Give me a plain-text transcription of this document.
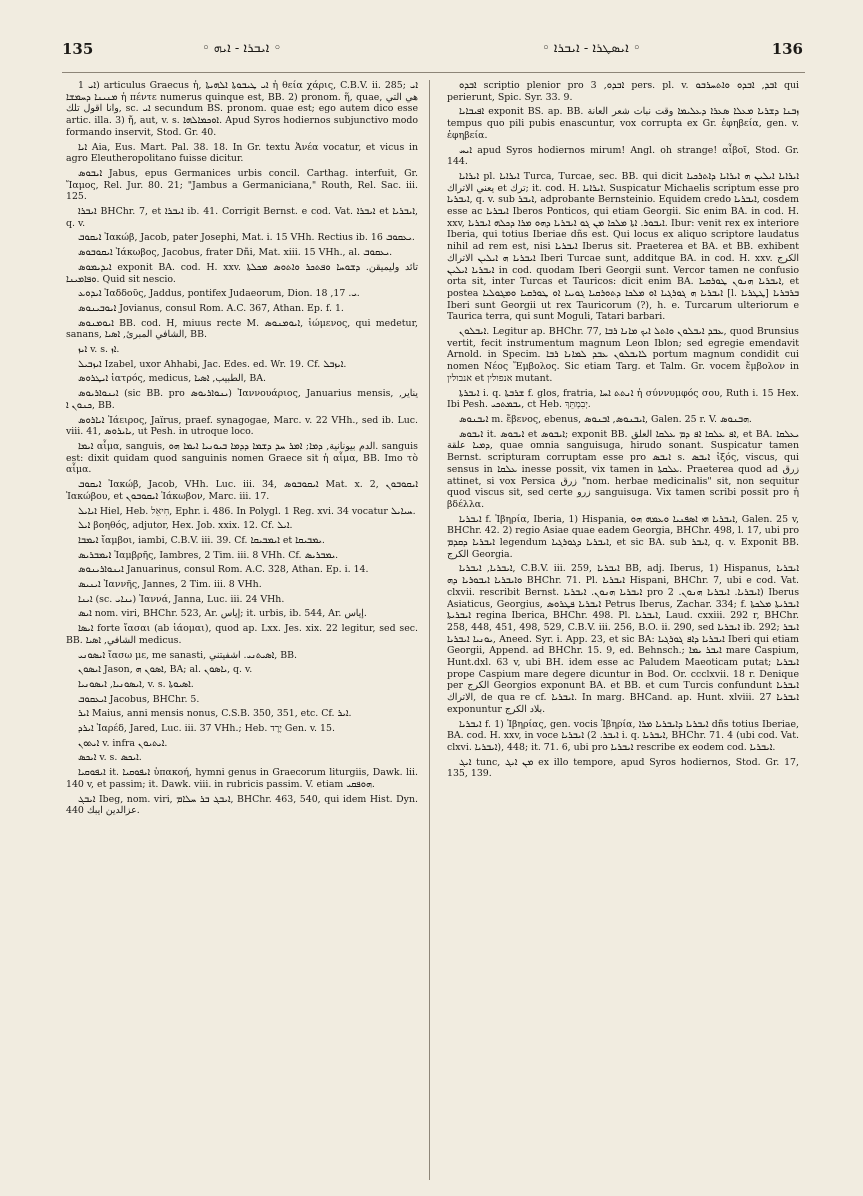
135	◦ ܐܝܒܪܐ - ܐܝܗ ◦	◦ ܐܝܣܛܪܐ - ܐܝܒܪܐ ◦	136

ܐܝ 1) articulus Graecus ἡ, ܐܝ ܛܝܒܘܬܐ ܐܠܗܝܬܐ ἡ θεία χάρις, C.B.V. ii. 285; ܐܝ ܡܢܝܢܐ ܕܚܡܫܐ ἡ πέντε numerus quinque est, BB. 2) pronom. ἥ, quae, هي التي وانا اقول تلك, sc. ܐܝ secundum BS. pronom. quae est; ego autem dico esse artic. illa. 3) ἤ, aut, v. s. ܐܘܟܡܐܠܗܐ. Apud Syros hodiernos subjunctivo modo formando inservit, Stod. Gr. 40.

ܐܝܐ Aia, Eus. Mart. Pal. 38. 18. In Gr. textu Ἀνέα vocatur, et vicus in agro Eleutheropolitano fuisse dicitur.

ܐܝܒܘܣ Jabus, epus Germanices urbis concil. Carthag. interfuit, Gr. Ἴαμος, Rel. Jur. 80. 21; "Jambus a Germaniciana," Routh, Rel. Sac. iii. 125.

ܐܝܒܪܐ BHChr. 7, et ܐܝܒܪܐ ib. 41. Corrigit Bernst. e cod. Vat. ܐܝܒܪܐ et ܐܝܒܪܝܐ, q. v.

ܐܝܩܘܒ Ἰακώβ, Jacob, pater Josephi, Mat. i. 15 VHh. Rectius ib. 16 ܝܥܩܘܒ.

ܐܝܩܘܒܘܣ Ἰάκωβος, Jacobus, frater Dñi, Mat. xiii. 15 VHh., al. ܝܥܩܘܒ.

ܐܝܕܝܡܘܣ exponit BA. cod. H. xxv. تائد وليميقن. ܕܫܘܚܐ ܘܦܬܟܪ ܘܐܬܘܣ ܡܟܠܬܐ ܘܦܐܡܝܢܐ. Quid sit nescio.

ܐܝܕܘܥ Ἰαδδοῦς, Jaddus, pontifex Judaeorum, Dion. ܝ. 17, 18.

ܐܝܘܒܝܢܘܣ Jovianus, consul Rom. A.C. 367, Athan. Ep. f. 1.

ܐܝܘܡܢܘܣ BB. cod. H, miuus recte M. ܐܝܘܡܢܘܣ, ἰώμενος, qui medetur, sanans, الشافي المبرئ, ܐܣܝܐ, BB.

ܐܝܙ v. s. ܐܙ.

ܐܝܙܒܝܠ Izabel, uxor Ahhabi, Jac. Edes. ed. Wr. 19. Cf. ܐܝܙܒܠ.

ܐܝܛܪܘܣ ἰατρός, medicus, الطبيب, ܐܣܝܐ, BA.

ܐܝܢܘܐܪܝܘܣ (sic BB. pro ܝܢܘܐܪܝܘܣ) Ἰαννουάριος, Januarius mensis, يناير, ܟܢܘܢ ܐ, BB.

ܐܝܐܪܘܣ Ἰάειρος, Jaïrus, praef. synagogae, Marc. v. 22 VHh., sed ib. Luc. viii. 41, ܝܐܝܪܘܣ, ut Pesh. in utroque loco.

ܐܝܡܐ αἷμα, sanguis, الدم بيونانية, ܕܡܐ; ܐܡܪ ܚܕ ܕܫܡܐ ܕܕܡܐ ܒܝܘܢܝܐ ܐܝܡܐ ܗܘ. sanguis est: dixit quidam quod sanguinis nomen Graece sit ἡ αἷμα, BB. Imo τὸ αἷμα.

ܐܝܩܘܒ Ἰακώβ, Jacob, VHh. Luc. iii. 34, ܐܝܩܘܒܘܣ Mat. x. 2, ܐܝܩܘܒܘܢ Ἰακώβου, et ܐܝܩܘܒܘܢ Ἰάκωβον, Marc. iii. 17.

ܐܝܐܝܠ Hiel, Heb. חִיאֵל, Ephr. i. 486. In Polygl. 1 Reg. xvi. 34 vocatur ܚܝܐܝܠ.

ܐܝܠ βοηθός, adjutor, Hex. Job. xxix. 12. Cf. ܐܝܠ.

ܐܝܡܒܐ ἴαμβοι, iambi, C.B.V. iii. 39. Cf. ܐܝܡܒܝܩܐ et ܝܡܒܝܩܐ.

ܐܝܡܒܪܝܣ Ἰαμβρῆς, Iambres, 2 Tim. iii. 8 VHh. Cf. ܝܡܒܪܝܣ.

ܐܝܢܘܐܪܝܢܘܣ Januarinus, consul Rom. A.C. 328, Athan. Ep. i. 14.

ܐܝܢܝܣ Ἰαννῆς, Jannes, 2 Tim. iii. 8 VHh.

ܐܝܢܐ (sc. ܝܢܐܝ) Ἰαννά, Janna, Luc. iii. 24 VHh.

ܐܝܣ nom. viri, BHChr. 523, Ar. إياس; it. urbis, ib. 544, Ar. إياس.

ܐܝܣܐ forte ἴασαι (ab ἰάομαι), quod ap. Lxx. Jes. xix. 22 legitur, sed sec. BB. الشافي, ܐܣܝܐ medicus.

ܐܝܣܘܢܝ ἴασω με, me sanasti, ܐܣܝܬܢܝ. اشفيتني, BB.

ܐܝܣܘܢ Jason, ܐܣܘܢ ܗ, BA; al. ܝܐܣܘܢ, q. v.

ܐܝܣܘܢܝܐ, ܐܝܣܘܢܝܐ, v. s. ܐܣܝܘܬܐ.

ܐܝܥܩܘܒ Jacobus, BHChr. 5.

ܐܝܪ Maius, anni mensis nonus, C.S.B. 350, 351, etc. Cf. ܐܝܪ.

ܐܝܪܕ Ἰαρέδ, Jared, Luc. iii. 37 VHh.; Heb. יֶרֶד Gen. v. 15.

ܐܝܬܘܢ v. infra ܐܝܬܝܘܢ.

ܐܝܟܣ v. s. ܐܝܟܣ.

ܐܝܦܘܩܝܐ it. ܐܝܦܘܩܝܐ ὑπακοή, hymni genus in Graecorum liturgiis, Dawk. lii. 140 v, et passim; it. Dawk. viii. in rubricis passim. V. etiam ܗܘܦܩܝ.

ܐܝܒܓ Ibeg, nom. viri, ܐܝܒܓ ܒܪ ܚܠܐܡ, BHChr. 463, 540, qui idem Hist. Dyn. 440 عزالدين ايبك.

ܐܒܕܘ scriptio plenior pro ܐܒܕܘ, 3 pers. pl. v. ܐܒܕ, ܐܒܕܘ ܘܐܬܚܪܒܘ qui perierunt, Spic. Syr. 33. 9.

ܐܦܝܒܐܝܐ exponit BS. ap. BB. ܙܒܢܐ ܕܫܪܝܐ ܡܥܠܐ ܣܥܪܐ ܕܥܠܝܡܐ وقت نبات شعر العانة tempus quo pili pubis enascuntur, vox corrupta ex Gr. ἐφηβεία, gen. v. ἐφηβεία.

ܐܝܚ apud Syros hodiernos mirum! Angl. oh strange! αἶβοῖ, Stod. Gr. 144.

ܐܝܪܐܝܐ pl. ܐܝܪܐܝܐ Turca, Turcae, sec. BB. qui dicit ܐܝܪܐܝܐ ܐܝܠܝܢ ܗ ܐܝܪܐܝܐ ܕܐܬܪܟܝܐ يعني الاتراك et ترك; it. cod. H. ܐܝܪܐܝܐ. Suspicatur Michaelis scriptum esse pro ܐܝܒܪܝܐ, q. v. sub ܐܝܒܪ, adprobante Bernsteinio. Equidem credo ܐܝܒܪܝܐ, cosdem esse ac ܐܝܒܪܝܐ Iberos Ponticos, qui etiam Georgii. Sic enim BA. in cod. H. xxv, ܐܝܒܘܪ. ܐܬܐ ܡܠܟܐ ܡܢ ܓܘ ܐܝܒܪܝܐ ܕܗܘ ܡܪܐ ܕܟܠܗ ܐܝܒܪܝܐ. Ibur: venit rex ex interiore Iberia, qui totius Iberiae dñs est. Qui locus ex aliquo scriptore laudatus nihil ad rem est, nisi ܐܝܒܪܝܐ Iberus sit. Praeterea et BA. et BB. exhibent ܐܝܒܪܝܐ ܗ ܐܝܠܝܢ الاتراك Iberi Turcae sunt, additque BA. in cod. H. xxv. الكرج ܐܝܒܪܝܐ ܐܝܠܝܢ in cod. quodam Iberi Georgii sunt. Vercor tamen ne confusio orta sit, inter Turcas et Tauricos: dicit enim BA. ܐܝܒܪܝܐ ܗܢܘܢ ܛܘܪܩܝܐ, et postea ܐܝܒܪܝܐ ܗ ܓܘܪܓܝܐ ܐܘ ܡܠܟܐ ܕܬܘܪܩܝܐ ܓܘܝܝܐ ܐܘ ܛܘܪܩܝܐ ܘܡܓܘܠܝܐ [l. ܛܛܪܝܐ] ܒܪܒܪܝܐ Iberi sunt Georgii ut rex Tauricorum (?), h. e. Turcarum ulteriorum e Taurica terra, qui sunt Moguli, Tatari barbari.

ܐܝܒܠܘܢ. Legitur ap. BHChr. 77, ܥܒܕ ܐܝܒܠܘܢ ܘܐܬܠ ܐܝܟ ܡܐܢܐ ܪܒܐ, quod Brunsius vertit, fecit instrumentum magnum Leon Iblon; sed egregie emendavit Arnold. in Specim. ܠܐܝܒܠܘܢ ܥܒܕ ܠܡܐܢܐ ܪܒܐ portum magnum condidit cui nomen Νέος Ἔμβολος. Sic etiam Targ. et Talm. Gr. vocem ἔμβολον in אנבולין et אנפולין mutant.

ܐܝܒܪܬܐ i. q. ܫܪܒܬܐ f. glos, fratria, ܐܢܬܬ ܐܚܐ ἡ σύννυμφός σου, Ruth i. 15 Hex. Ibi Pesh. ܝܒܡܬܟܝ, ct Heb. יְבִמְתֵּךְ.

ܐܝܒܢܘܣ m. ἔβενος, ebenus, ܐܝܒܢܘܣ, ܐܒܢܘܣ, Galen. 25 r. V. ܗܒܢܘܣ.

ܐܝܒܘܣ it. ܐܝܒܘܣ et ܐܝܒܘܣ; exponit BB. ܐܦ ܥܠܩܐ ܐܦ ܕܡ ܥܠܩܐ العلق, et BA. ܝܥܠܩܐ ܕܡܝܐ علقة, quae omnia sanguisuga, hirudo sonant. Suspicatur tamen Bernst. scripturam corruptam esse pro ܐܝܒܣ s. ܐܝܒܣ ἰξός, viscus, qui sensus in ܥܠܩܐ inesse possit, vix tamen in ܥܠܩܬܐ. Praeterea quod ad زرق attinet, si vox Persica زرق "nom. herbae medicinalis" sit, non sequitur quod viscus sit, sed certe زرو sanguisuga. Vix tamen scribi possit pro ἡ βδέλλα.

ܐܝܒܪܝܐ f. Ἰβηρία, Iberia, 1) Hispania, ܐܝܒܪܝܐ ܗܝ ܐܣܦܢܝܐ ܘܥܡܗ ܗܘ, Galen. 25 v, BHChr. 42. 2) regio Asiae quae eadem Georgia, BHChr. 498, l. 17, ubi pro ܐܝܒܪܝܐ ܕܩܕܡ legendum ܐܝܒܪܝܐ ܕܓܘܪܓܝܐ, et sic BA. sub ܐܝܒܪ, q. v. Exponit BB. الكرج Georgia.

ܐܝܒܪܝܐ, ܐܝܒܪܝܐ, C.B.V. iii. 259, ܐܝܒܪܝܐ BB, adj. Iberus, 1) Hispanus, ܐܝܒܪܝܐ ܘܐܝܒܪܝܐ ܐܝܒܘܪܝܐ ܕܗ BHChr. 71. Pl. ܐܝܒܪܝܐ Hispani, BHChr. 7, ubi e cod. Vat. clxvii. rescribit Bernst. ܐܝܒܪܝܐ ܗܢܘܢ. ܐܝܒܪܝܐ pro ܐܝܒܪܝܐ. ܐܝܒܪܝܐ ܗܢܘܢ. 2) Iberus Asiaticus, Georgius, ܐܝܒܪܝܐ ܦܛܪܘܣ Petrus Iberus, Zachar. 334; f. ܐܝܒܪܝܬܐ ܡܠܟܬܐ ܐܝܒܪܝܬܐ regina Iberica, BHChr. 498. Pl. ܐܝܒܪܝܐ, Laud. cxxiii. 292 r, BHChr. 258, 448, 451, 498, 529, C.B.V. iii. 256, B.O. ii. 290, sed ܐܝܒܪܝܐ ib. 292; ܐܝܒܪ ܝܘܢܝܐ ܐܝܒܪܝܐ, Aneed. Syr. i. App. 23, et sic BA: ܐܝܒܪܝܐ ܕܐܦ ܓܘܪܓܝܐ Iberi qui etiam Georgii, Append. ad BHChr. 15. 9, ed. Behnsch.; ܐܝܒܪ ܝܡܐ mare Caspium, Hunt.dxl. 63 v, ubi BH. idem esse ac Paludem Maeoticam putat; ܐܝܒܪܝܐ prope Caspium mare degere dicuntur in Bod. Or. ccclxvii. 18 r. Denique per الكرج Georgios exponunt BA. et BB. et cum Turcis confundunt ܐܝܒܪܝܐ الاتراك, de qua re cf. ܐܝܒܪܝܐ. In marg. BHCand. ap. Hunt. xlviii. 27 ܐܝܒܪܝܐ exponuntur بلاد الكرج.

ܐܝܒܪܝܐ f. 1) Ἰβηρίας, gen. vocis Ἰβηρία, ܐܝܒܪܝܐ ܕܐܝܒܪܝܐ ܡܪܐ dñs totius Iberiae, BA. cod. H. xxv, in voce ܐܝܒܪ. 2) ܐܝܒܪܝܐ i. q. ܐܝܒܪܝܐ, BHChr. 71. 4 (ubi cod. Vat. clxvi. ܐܝܒܪܝܐ), 448; it. 71. 6, ubi pro ܐܝܒܪܝܐ rescribe ex eodem cod. ܐܝܒܪܝܐ.

ܐܝܓ tunc, ܡܢ ܐܝܓ ex illo tempore, apud Syros hodiernos, Stod. Gr. 17, 135, 139.
